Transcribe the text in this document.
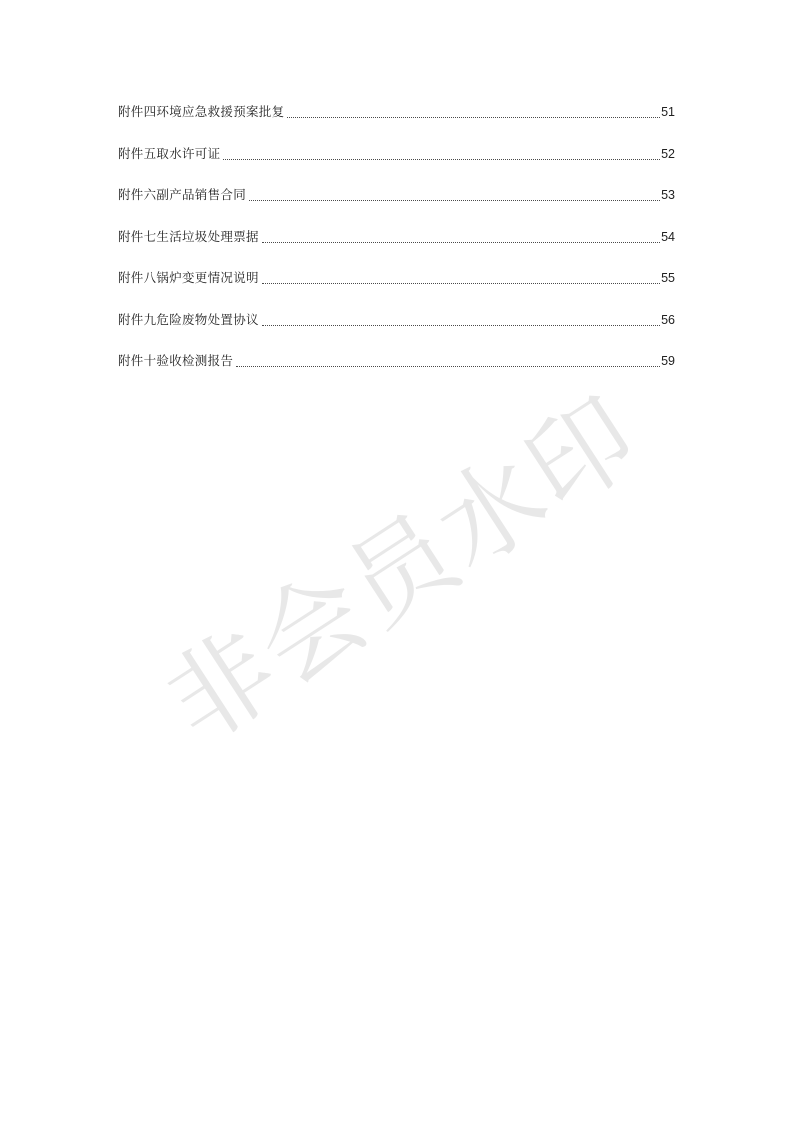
非会员水印
附件四环境应急救援预案批复	51
附件五取水许可证	52
附件六副产品销售合同	53
附件七生活垃圾处理票据	54
附件八锅炉变更情况说明	55
附件九危险废物处置协议	56
附件十验收检测报告	59
